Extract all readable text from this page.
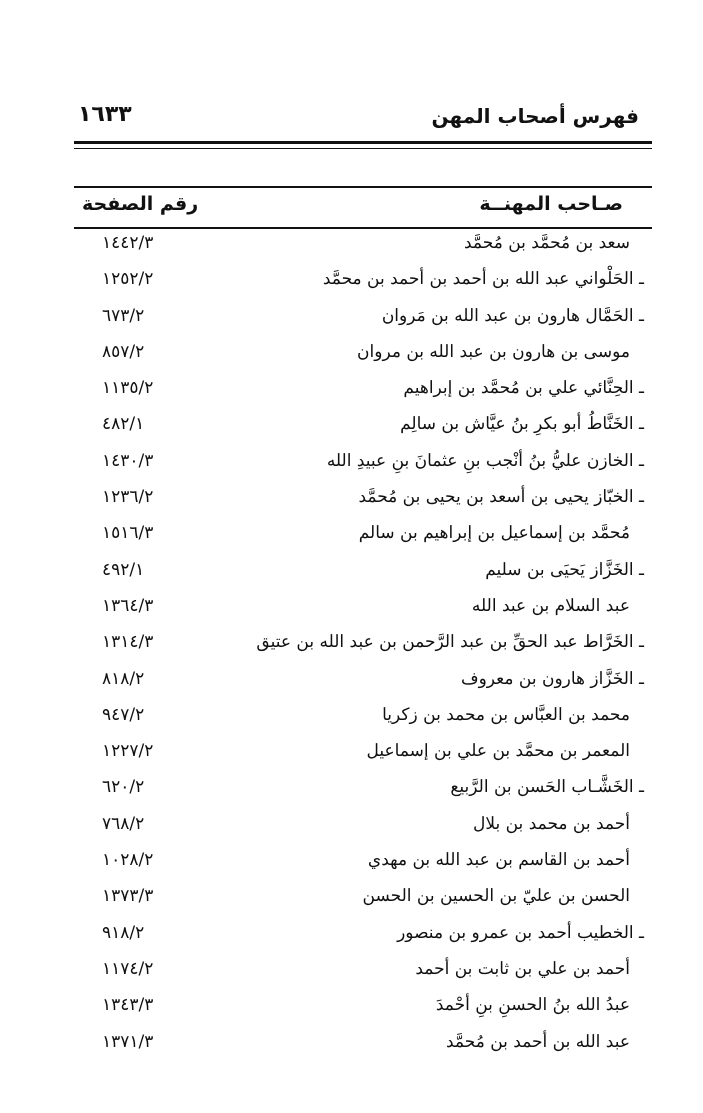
١٦٣٣	فهرس أصحاب المهن
صـاحب المهنــة
رقم الصفحة
سعد بن مُحمَّد بن مُحمَّد
١٤٤٢/٣
ـ الحَلْواني عبد الله بن أحمد بن أحمد بن محمَّد
١٢٥٢/٢
ـ الحَمَّال هارون بن عبد الله بن مَروان
٦٧٣/٢
موسى بن هارون بن عبد الله بن مروان
٨٥٧/٢
ـ الحِنَّائي علي بن مُحمَّد بن إبراهيم
١١٣٥/٢
ـ الخَنَّاطُ أبو بكرِ بنُ عيَّاش بن سالِم
٤٨٢/١
ـ الخازن عليُّ بنُ أنْجب بنِ عثمانَ بنِ عبيدِ الله
١٤٣٠/٣
ـ الخبّاز يحيى بن أسعد بن يحيى بن مُحمَّد
١٢٣٦/٢
مُحمَّد بن إسماعيل بن إبراهيم بن سالم
١٥١٦/٣
ـ الخَزَّاز يَحيَى بن سليم
٤٩٢/١
عبد السلام بن عبد الله
١٣٦٤/٣
ـ الخَرَّاط عبد الحقِّ بن عبد الرَّحمن بن عبد الله بن عتيق
١٣١٤/٣
ـ الخَزَّاز هارون بن معروف
٨١٨/٢
محمد بن العبَّاس بن محمد بن زكريا
٩٤٧/٢
المعمر بن محمَّد بن علي بن إسماعيل
١٢٢٧/٢
ـ الخَشَّـاب الحَسن بن الرَّبيع
٦٢٠/٢
أحمد بن محمد بن بلال
٧٦٨/٢
أحمد بن القاسم بن عبد الله بن مهدي
١٠٢٨/٢
الحسن بن عليّ بن الحسين بن الحسن
١٣٧٣/٣
ـ الخطيب أحمد بن عمرو بن منصور
٩١٨/٢
أحمد بن علي بن ثابت بن أحمد
١١٧٤/٢
عبدُ الله بنُ الحسنِ بنِ أحْمدَ
١٣٤٣/٣
عبد الله بن أحمد بن مُحمَّد
١٣٧١/٣
